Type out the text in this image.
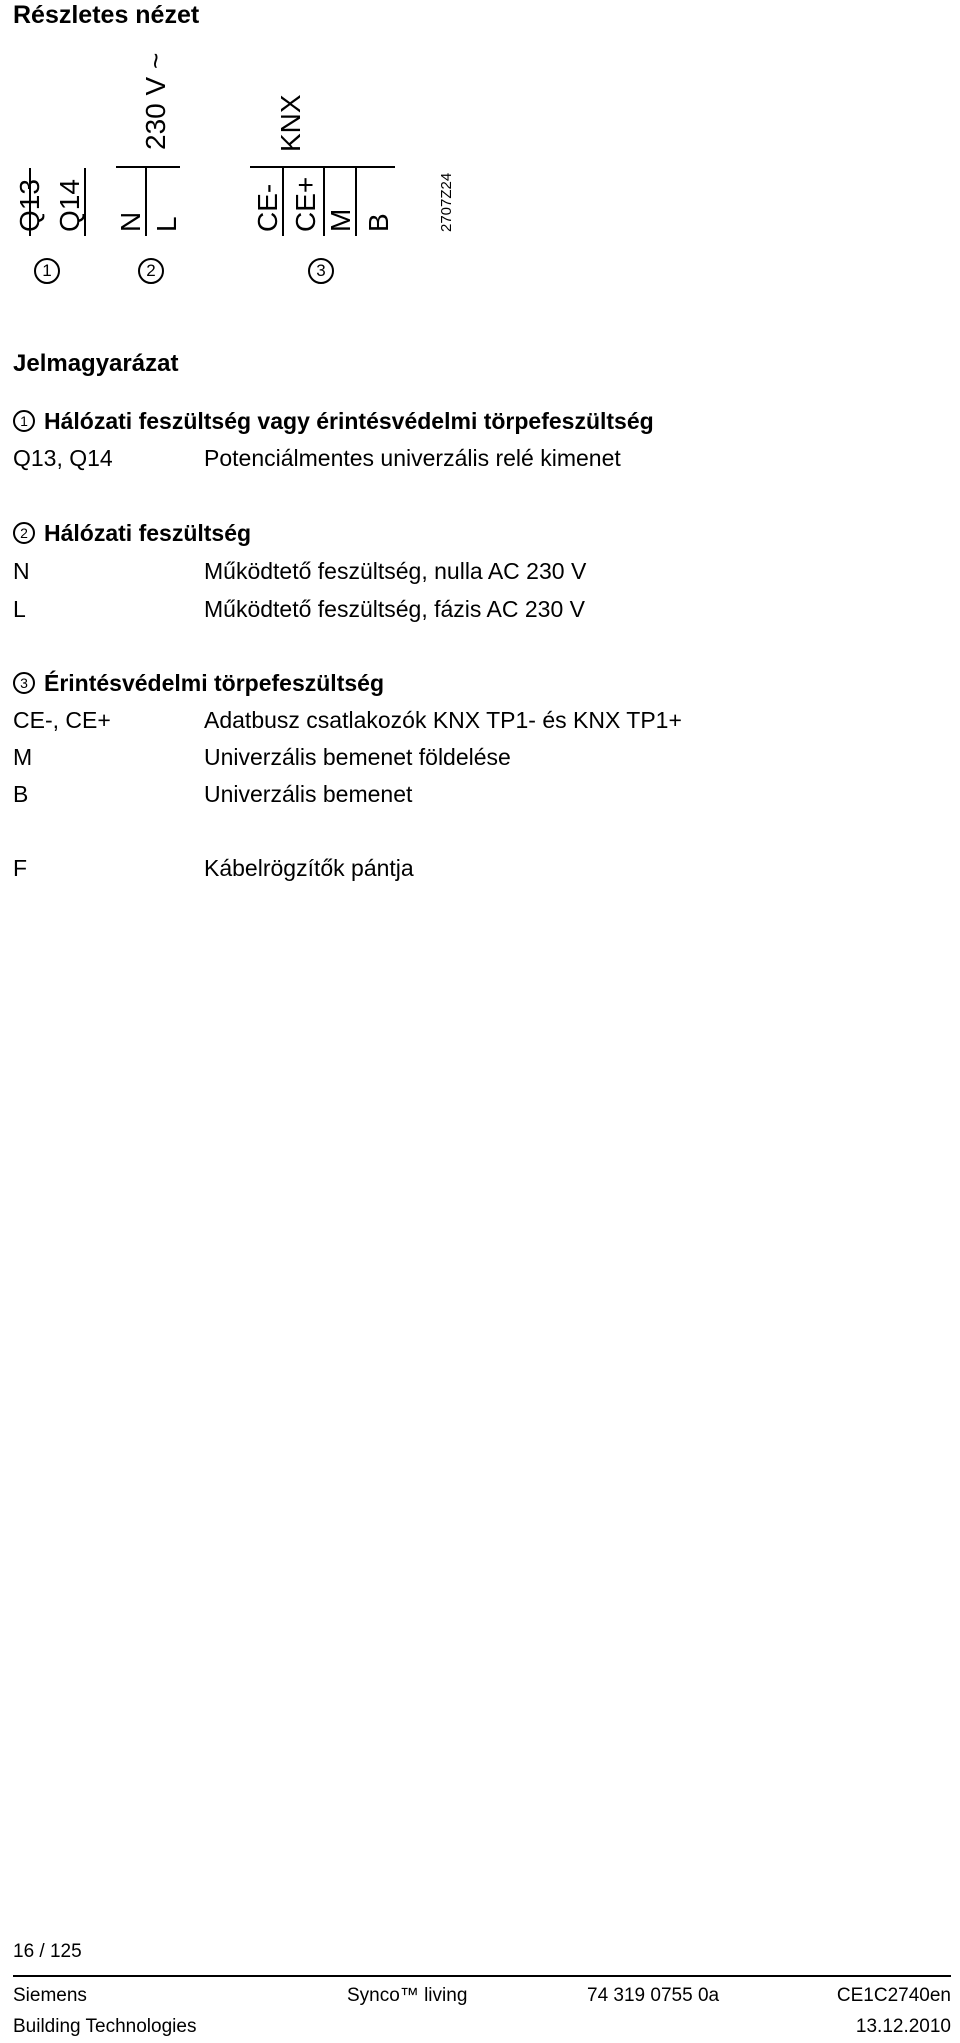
Részletes nézet
Q13 Q14
230 V ~
N L
KNX
CE- CE+ M B	2707Z24
1	2	3
Jelmagyarázat
1 Hálózati feszültség vagy érintésvédelmi törpefeszültség
Q13, Q14	Potenciálmentes univerzális relé kimenet
2 Hálózati feszültség
N	Működtető feszültség, nulla AC 230 V
L	Működtető feszültség, fázis AC 230 V
3 Érintésvédelmi törpefeszültség
CE-, CE+	Adatbusz csatlakozók KNX TP1- és KNX TP1+
M	Univerzális bemenet földelése
B	Univerzális bemenet
F	Kábelrögzítők pántja
16 / 125
Siemens	Synco™ living	74 319 0755 0a	CE1C2740en
Building Technologies	13.12.2010
